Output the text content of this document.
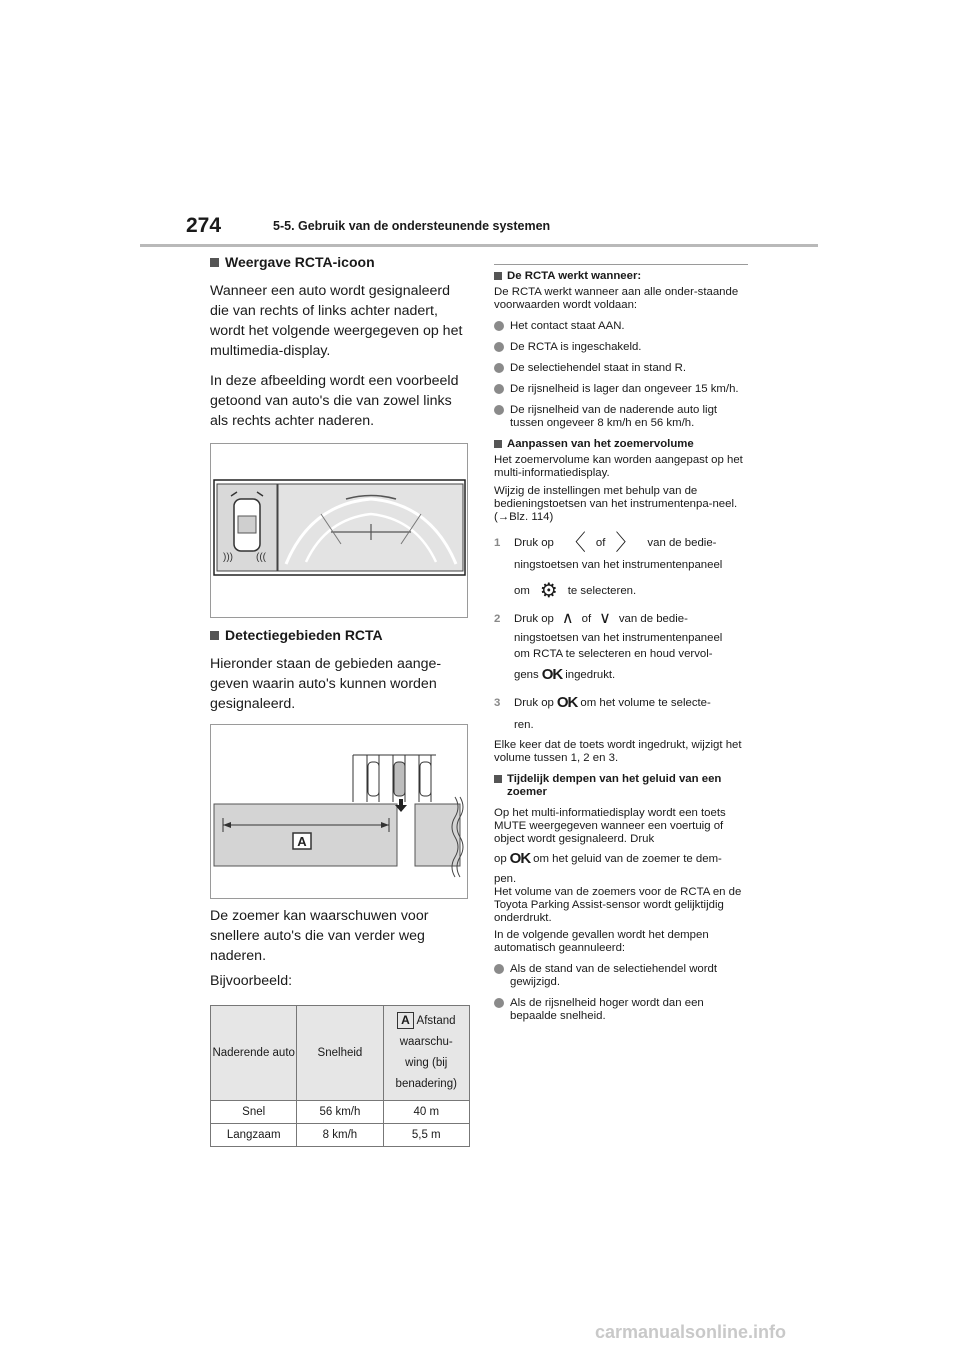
274	5-5. Gebruik van de ondersteunende systemen
Weergave RCTA-icoon

Wanneer een auto wordt gesignaleerd die van rechts of links achter nadert, wordt het volgende weergegeven op het multimedia-display.

In deze afbeelding wordt een voorbeeld getoond van auto's die van zowel links als rechts achter naderen.

))) (((
Detectiegebieden RCTA

Hieronder staan de gebieden aange-geven waarin auto's kunnen worden gesignaleerd.

A

De zoemer kan waarschuwen voor snellere auto's die van verder weg naderen.

Bijvoorbeeld:

Naderende auto	Snelheid	A Afstand
waarschu-
wing (bij
benadering)

Snel	56 km/h	40 m
Langzaam	8 km/h	5,5 m
De RCTA werkt wanneer:

De RCTA werkt wanneer aan alle onder-staande voorwaarden wordt voldaan:

Het contact staat AAN.
De RCTA is ingeschakeld.
De selectiehendel staat in stand R.
De rijsnelheid is lager dan ongeveer 15 km/h.
De rijsnelheid van de naderende auto ligt tussen ongeveer 8 km/h en 56 km/h.
Aanpassen van het zoemervolume

Het zoemervolume kan worden aangepast op het multi-informatiedisplay.

Wijzig de instellingen met behulp van de bedieningstoetsen van het instrumentenpa-neel. (→Blz. 114)

1	Druk op 〈 of 〉 van de bedie-
ningstoetsen van het instrumentenpaneel
om ⚙ te selecteren.
2	Druk op ∧ of ∨ van de bedie-
ningstoetsen van het instrumentenpaneel
om RCTA te selecteren en houd vervol-
gens OK ingedrukt.
3	Druk op OK om het volume te selecte-
ren.

Elke keer dat de toets wordt ingedrukt, wijzigt het volume tussen 1, 2 en 3.

Tijdelijk dempen van het geluid van een zoemer

Op het multi-informatiedisplay wordt een toets MUTE weergegeven wanneer een voertuig of object wordt gesignaleerd. Druk

op OK om het geluid van de zoemer te dem-

pen.

Het volume van de zoemers voor de RCTA en de Toyota Parking Assist-sensor wordt gelijktijdig onderdrukt.

In de volgende gevallen wordt het dempen automatisch geannuleerd:

Als de stand van de selectiehendel wordt gewijzigd.
Als de rijsnelheid hoger wordt dan een bepaalde snelheid.
carmanualsonline.info
